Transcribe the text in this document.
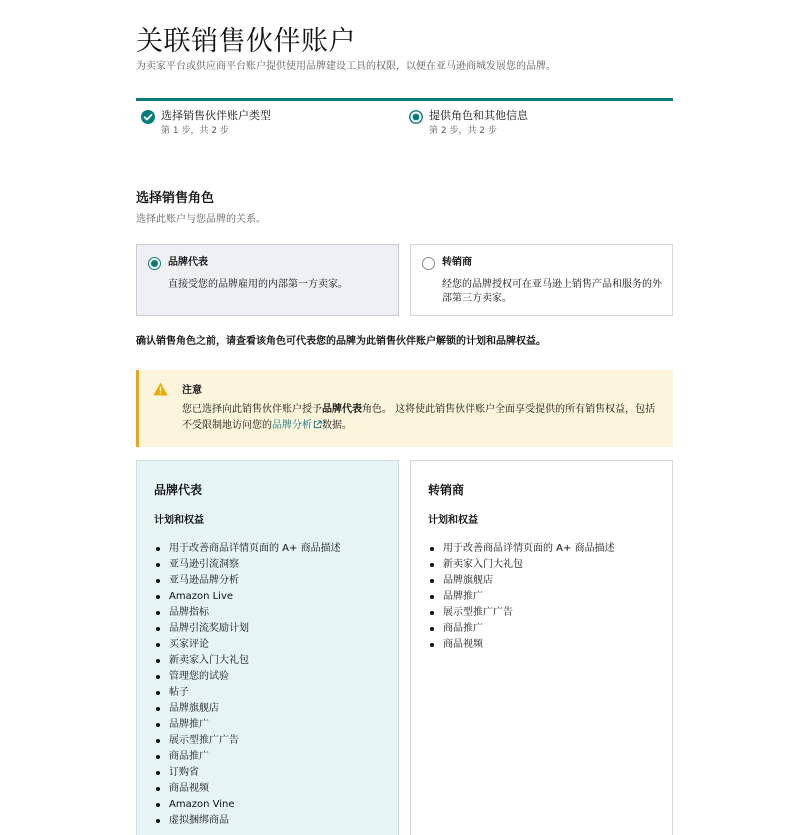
关联销售伙伴账户

为卖家平台或供应商平台账户提供使用品牌建设工具的权限，以便在亚马逊商城发展您的品牌。

选择销售伙伴账户类型
第 1 步，共 2 步
提供角色和其他信息
第 2 步，共 2 步
选择销售角色

选择此账户与您品牌的关系。

品牌代表
直接受您的品牌雇用的内部第一方卖家。
转销商
经您的品牌授权可在亚马逊上销售产品和服务的外部第三方卖家。

确认销售角色之前，请查看该角色可代表您的品牌为此销售伙伴账户解锁的计划和品牌权益。

注意

您已选择向此销售伙伴账户授予品牌代表角色。 这将使此销售伙伴账户全面享受提供的所有销售权益，包括不受限制地访问您的品牌分析 数据。

品牌代表
计划和权益
用于改善商品详情页面的 A+ 商品描述
亚马逊引流洞察
亚马逊品牌分析
Amazon Live
品牌指标
品牌引流奖励计划
买家评论
新卖家入门大礼包
管理您的试验
帖子
品牌旗舰店
品牌推广
展示型推广广告
商品推广
订购省
商品视频
Amazon Vine
虚拟捆绑商品
转销商
计划和权益
用于改善商品详情页面的 A+ 商品描述
新卖家入门大礼包
品牌旗舰店
品牌推广
展示型推广广告
商品推广
商品视频
